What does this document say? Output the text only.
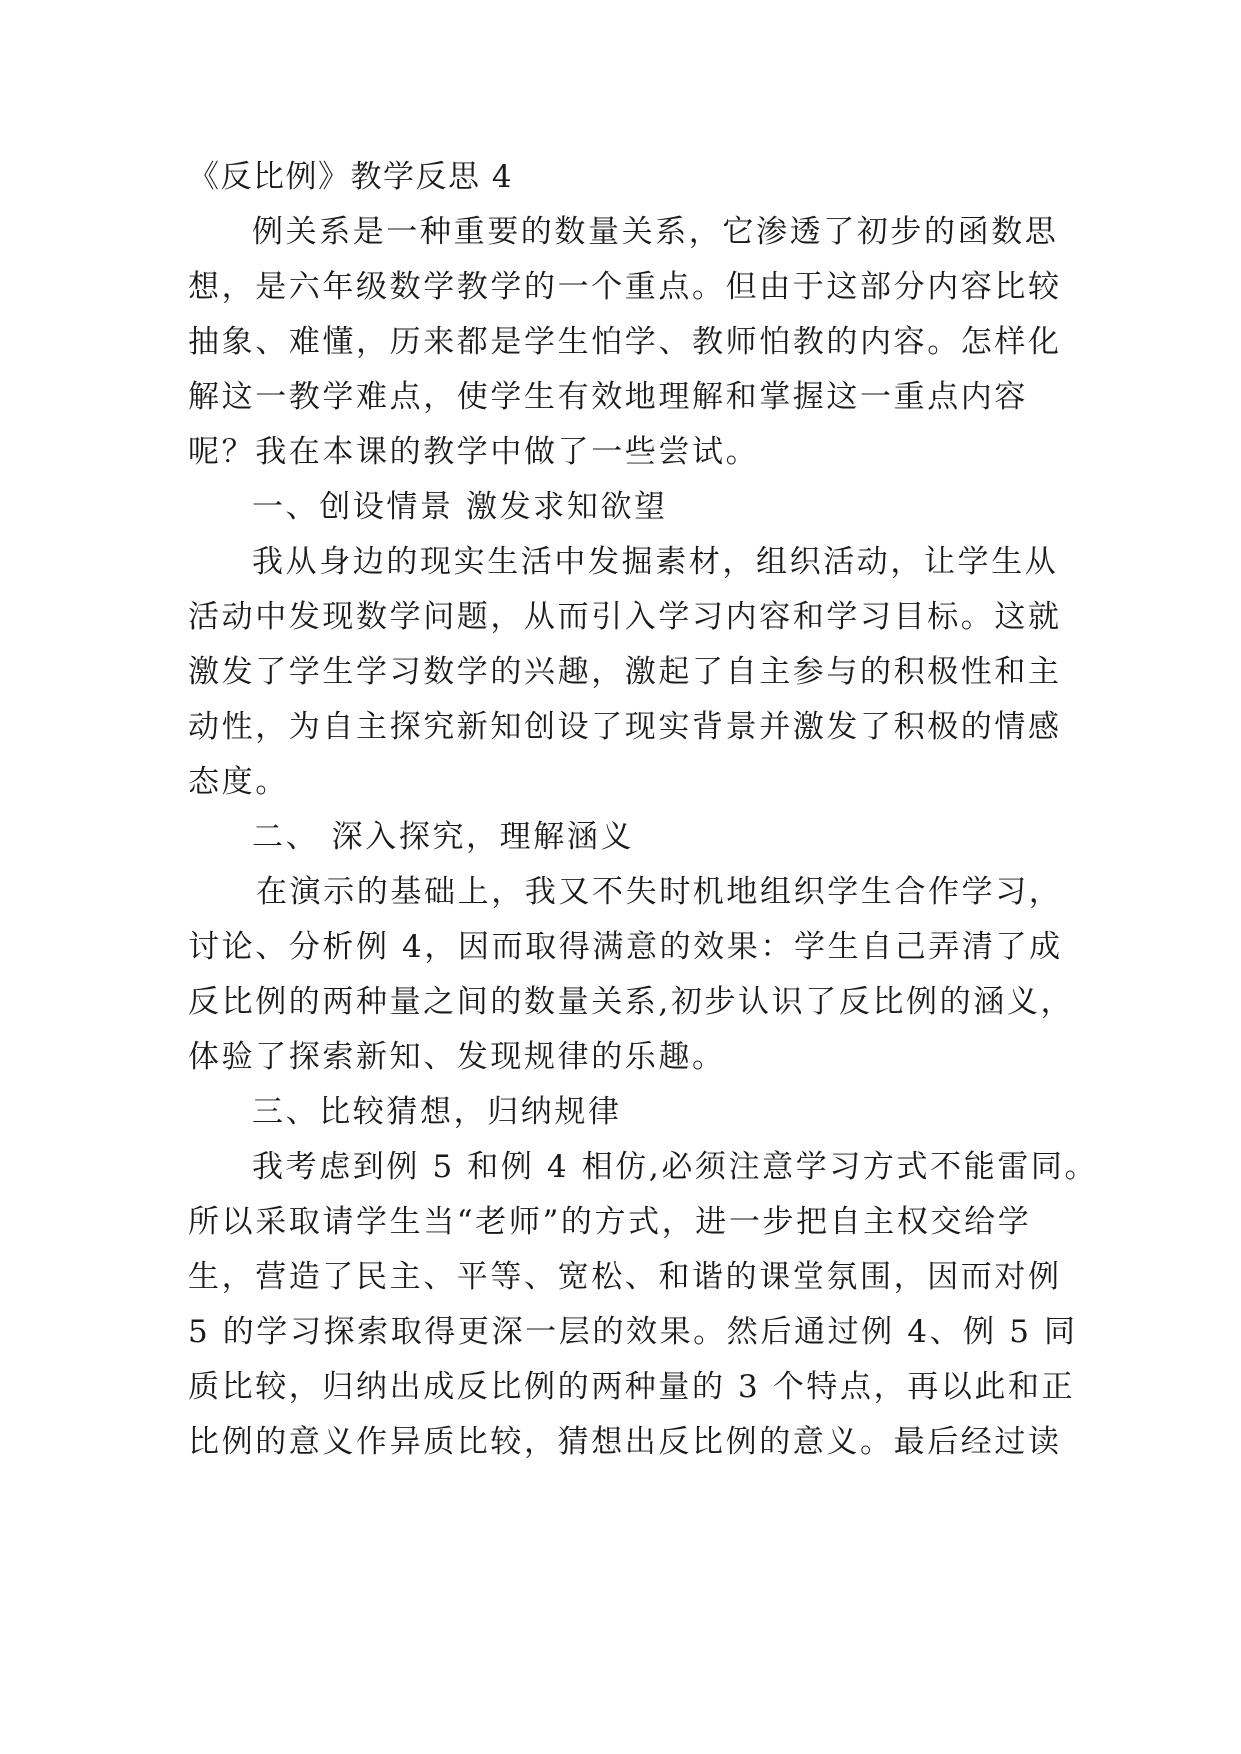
《反比例》教学反思 4
例关系是一种重要的数量关系，它渗透了初步的函数思
想，是六年级数学教学的一个重点。但由于这部分内容比较
抽象、难懂，历来都是学生怕学、教师怕教的内容。怎样化
解这一教学难点，使学生有效地理解和掌握这一重点内容
呢？我在本课的教学中做了一些尝试。
一、创设情景 激发求知欲望
我从身边的现实生活中发掘素材，组织活动，让学生从
活动中发现数学问题，从而引入学习内容和学习目标。这就
激发了学生学习数学的兴趣，激起了自主参与的积极性和主
动性，为自主探究新知创设了现实背景并激发了积极的情感
态度。
二、 深入探究，理解涵义
在演示的基础上，我又不失时机地组织学生合作学习，
讨论、分析例 4，因而取得满意的效果：学生自己弄清了成
反比例的两种量之间的数量关系,初步认识了反比例的涵义，
体验了探索新知、发现规律的乐趣。
三、比较猜想，归纳规律
我考虑到例 5 和例 4 相仿,必须注意学习方式不能雷同。
所以采取请学生当“老师”的方式，进一步把自主权交给学
生，营造了民主、平等、宽松、和谐的课堂氛围，因而对例
5 的学习探索取得更深一层的效果。然后通过例 4、例 5 同
质比较，归纳出成反比例的两种量的 3 个特点，再以此和正
比例的意义作异质比较，猜想出反比例的意义。最后经过读
